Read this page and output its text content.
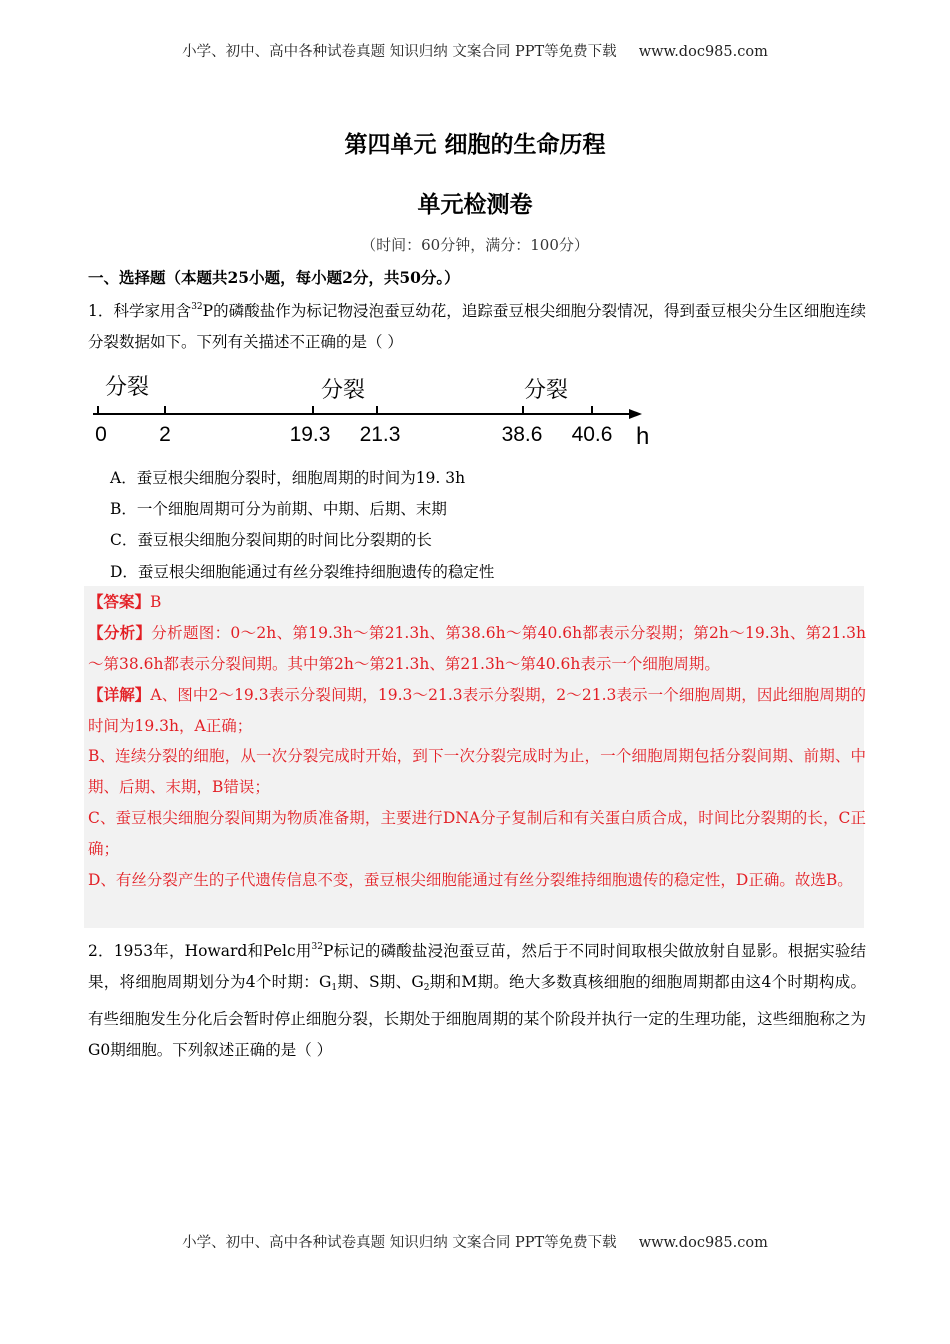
小学、初中、高中各种试卷真题 知识归纳 文案合同 PPT等免费下载 www.doc985.com
第四单元 细胞的生命历程
单元检测卷
（时间：60分钟，满分：100分）
一、选择题（本题共25小题，每小题2分，共50分。）
1．科学家用含$^{32}$P的磷酸盐作为标记物浸泡蚕豆幼花，追踪蚕豆根尖细胞分裂情况，得到蚕豆根尖分生区细胞连续分裂数据如下。下列有关描述不正确的是（ ）
分裂	分裂	分裂
0 2	19.3 21.3	38.6 40.6 h
A．蚕豆根尖细胞分裂时，细胞周期的时间为19. 3h
B．一个细胞周期可分为前期、中期、后期、末期
C．蚕豆根尖细胞分裂间期的时间比分裂期的长
D．蚕豆根尖细胞能通过有丝分裂维持细胞遗传的稳定性
【答案】B
【分析】分析题图：0～2h、第19.3h～第21.3h、第38.6h～第40.6h都表示分裂期；第2h～19.3h、第21.3h～第38.6h都表示分裂间期。其中第2h～第21.3h、第21.3h～第40.6h表示一个细胞周期。
【详解】A、图中2～19.3表示分裂间期，19.3～21.3表示分裂期，2～21.3表示一个细胞周期，因此细胞周期的时间为19.3h，A正确；
B、连续分裂的细胞，从一次分裂完成时开始，到下一次分裂完成时为止，一个细胞周期包括分裂间期、前期、中期、后期、末期，B错误；
C、蚕豆根尖细胞分裂间期为物质准备期，主要进行DNA分子复制后和有关蛋白质合成，时间比分裂期的长，C正确；
D、有丝分裂产生的子代遗传信息不变，蚕豆根尖细胞能通过有丝分裂维持细胞遗传的稳定性，D正确。故选B。
2．1953年，Howard和Pelc用$^{32}$P标记的磷酸盐浸泡蚕豆苗，然后于不同时间取根尖做放射自显影。根据实验结果，将细胞周期划分为4个时期：$G_1$期、S期、$G_2$期和M期。绝大多数真核细胞的细胞周期都由这4个时期构成。有些细胞发生分化后会暂时停止细胞分裂，长期处于细胞周期的某个阶段并执行一定的生理功能，这些细胞称之为G0期细胞。下列叙述正确的是（ ）
小学、初中、高中各种试卷真题 知识归纳 文案合同 PPT等免费下载 www.doc985.com
